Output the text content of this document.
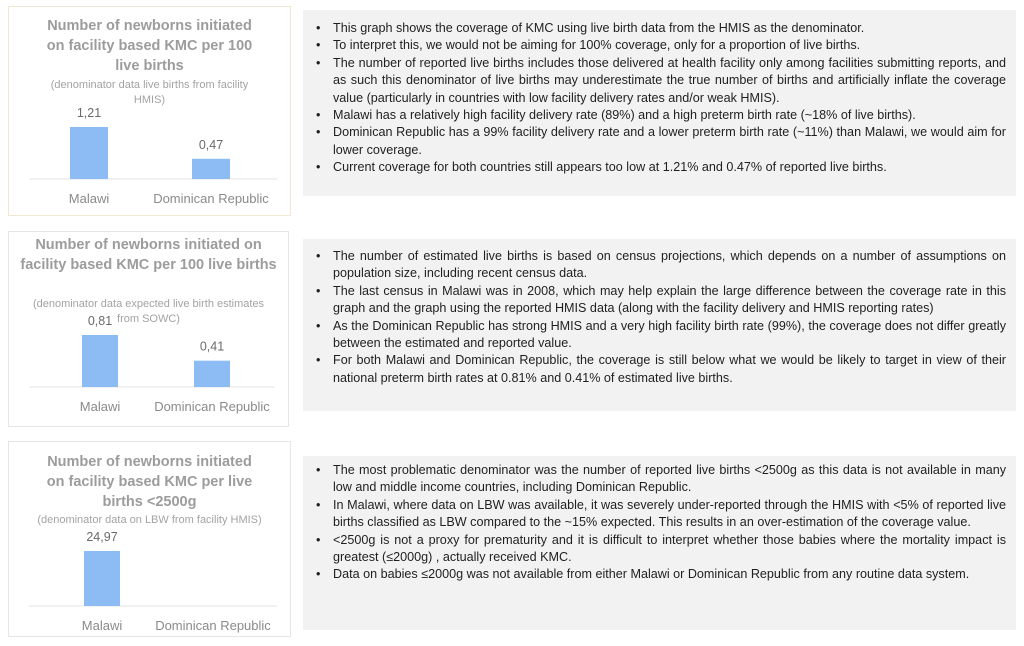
Number of newborns initiated on facility based KMC per 100 live births
(denominator data live births from facility HMIS)
1,21
Malawi
0,47
Dominican Republic
Number of newborns initiated on facility based KMC per 100 live births
(denominator data expected live birth estimates from SOWC)
0,81
Malawi
0,41
Dominican Republic
Number of newborns initiated on facility based KMC per live births <2500g
(denominator data on LBW from facility HMIS)
24,97
Malawi	Dominican Republic
• This graph shows the coverage of KMC using live birth data from the HMIS as the denominator.
• To interpret this, we would not be aiming for 100% coverage, only for a proportion of live births.
• The number of reported live births includes those delivered at health facility only among facilities submitting reports, and as such this denominator of live births may underestimate the true number of births and artificially inflate the coverage value (particularly in countries with low facility delivery rates and/or weak HMIS).
• Malawi has a relatively high facility delivery rate (89%) and a high preterm birth rate (~18% of live births).
• Dominican Republic has a 99% facility delivery rate and a lower preterm birth rate (~11%) than Malawi, we would aim for lower coverage.
• Current coverage for both countries still appears too low at 1.21% and 0.47% of reported live births.
• The number of estimated live births is based on census projections, which depends on a number of assumptions on population size, including recent census data.
• The last census in Malawi was in 2008, which may help explain the large difference between the coverage rate in this graph and the graph using the reported HMIS data (along with the facility delivery and HMIS reporting rates)
• As the Dominican Republic has strong HMIS and a very high facility birth rate (99%), the coverage does not differ greatly between the estimated and reported value.
• For both Malawi and Dominican Republic, the coverage is still below what we would be likely to target in view of their national preterm birth rates at 0.81% and 0.41% of estimated live births.
• The most problematic denominator was the number of reported live births <2500g as this data is not available in many low and middle income countries, including Dominican Republic.
• In Malawi, where data on LBW was available, it was severely under-reported through the HMIS with <5% of reported live births classified as LBW compared to the ~15% expected. This results in an over-estimation of the coverage value.
• <2500g is not a proxy for prematurity and it is difficult to interpret whether those babies where the mortality impact is greatest (≤2000g) , actually received KMC.
• Data on babies ≤2000g was not available from either Malawi or Dominican Republic from any routine data system.
